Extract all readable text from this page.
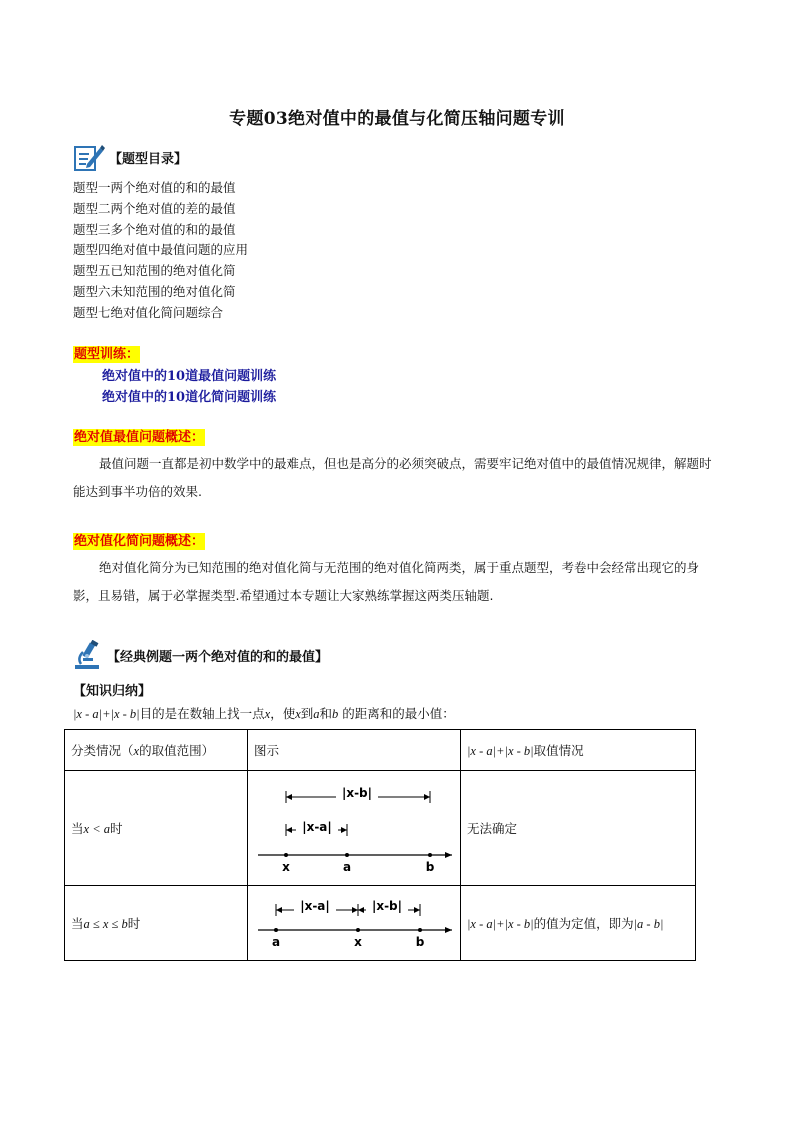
专题03绝对值中的最值与化简压轴问题专训
【题型目录】
题型一两个绝对值的和的最值
题型二两个绝对值的差的最值
题型三多个绝对值的和的最值
题型四绝对值中最值问题的应用
题型五已知范围的绝对值化简
题型六未知范围的绝对值化简
题型七绝对值化简问题综合
题型训练：
绝对值中的10道最值问题训练
绝对值中的10道化简问题训练
绝对值最值问题概述：
最值问题一直都是初中数学中的最难点，但也是高分的必须突破点，需要牢记绝对值中的最值情况规律，解题时能达到事半功倍的效果.
绝对值化简问题概述：
绝对值化简分为已知范围的绝对值化简与无范围的绝对值化简两类，属于重点题型，考卷中会经常出现它的身影，且易错，属于必掌握类型.希望通过本专题让大家熟练掌握这两类压轴题.
【经典例题一两个绝对值的和的最值】
【知识归纳】
|x - a|+|x - b|目的是在数轴上找一点x，使x到a和b 的距离和的最小值：
分类情况（x的取值范围）	图示	|x - a|+|x - b|取值情况
当x < a时	|x-b|
|x-a|
x a b	无法确定
当a ≤ x ≤ b时	|x-a| |x-b|
a x b	|x - a|+|x - b|的值为定值，即为|a - b|
